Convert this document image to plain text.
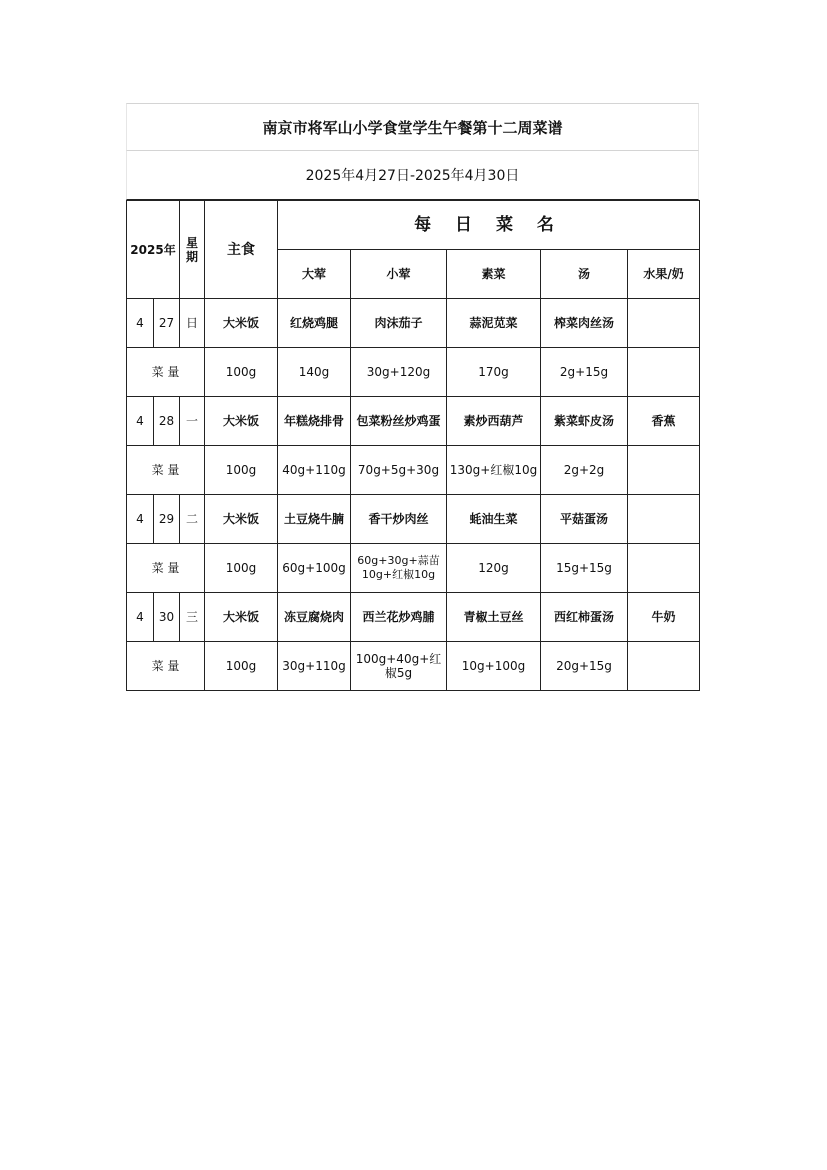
南京市将军山小学食堂学生午餐第十二周菜谱
2025年4月27日-2025年4月30日
2025年		星期	主食	每 日 菜 名				
				大荤	小荤	素菜	汤	水果/奶
4	27	日	大米饭	红烧鸡腿	肉沫茄子	蒜泥苋菜	榨菜肉丝汤	
菜 量			100g	140g	30g+120g	170g	2g+15g	
4	28	一	大米饭	年糕烧排骨	包菜粉丝炒鸡蛋	素炒西葫芦	紫菜虾皮汤	香蕉
菜 量			100g	40g+110g	70g+5g+30g	130g+红椒10g	2g+2g	
4	29	二	大米饭	土豆烧牛腩	香干炒肉丝	蚝油生菜	平菇蛋汤	
菜 量			100g	60g+100g	60g+30g+蒜苗10g+红椒10g	120g	15g+15g	
4	30	三	大米饭	冻豆腐烧肉	西兰花炒鸡脯	青椒土豆丝	西红柿蛋汤	牛奶
菜 量			100g	30g+110g	100g+40g+红椒5g	10g+100g	20g+15g	
